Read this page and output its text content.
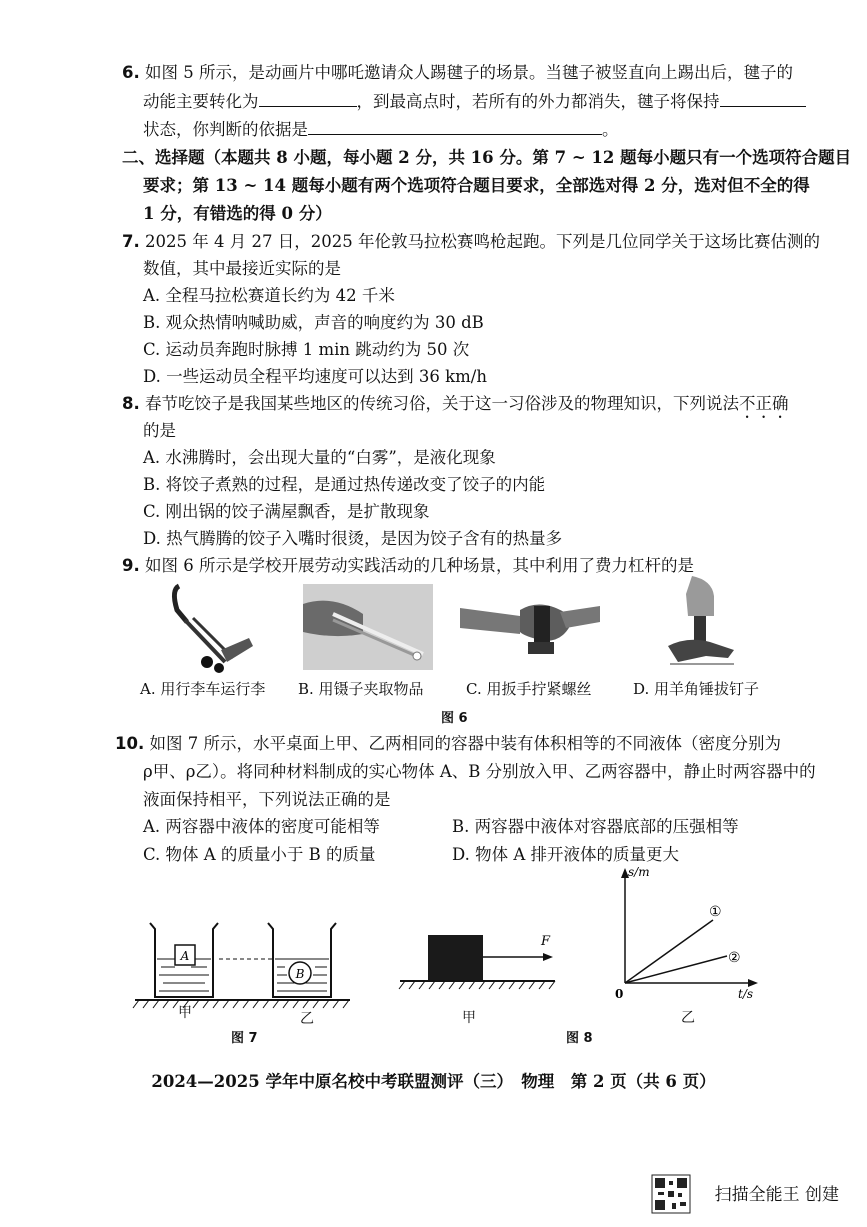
6. 如图 5 所示，是动画片中哪吒邀请众人踢毽子的场景。当毽子被竖直向上踢出后，毽子的
动能主要转化为	，到最高点时，若所有的外力都消失，毽子将保持
状态，你判断的依据是	。
二、选择题（本题共 8 小题，每小题 2 分，共 16 分。第 7 ~ 12 题每小题只有一个选项符合题目
要求；第 13 ~ 14 题每小题有两个选项符合题目要求，全部选对得 2 分，选对但不全的得
1 分，有错选的得 0 分）
7. 2025 年 4 月 27 日，2025 年伦敦马拉松赛鸣枪起跑。下列是几位同学关于这场比赛估测的
数值，其中最接近实际的是
A. 全程马拉松赛道长约为 42 千米
B. 观众热情呐喊助威，声音的响度约为 30 dB
C. 运动员奔跑时脉搏 1 min 跳动约为 50 次
D. 一些运动员全程平均速度可以达到 36 km/h
8. 春节吃饺子是我国某些地区的传统习俗，关于这一习俗涉及的物理知识，下列说法不正确
的是
A. 水沸腾时，会出现大量的“白雾”，是液化现象
B. 将饺子煮熟的过程，是通过热传递改变了饺子的内能
C. 刚出锅的饺子满屋飘香，是扩散现象
D. 热气腾腾的饺子入嘴时很烫，是因为饺子含有的热量多
9. 如图 6 所示是学校开展劳动实践活动的几种场景，其中利用了费力杠杆的是
A. 用行李车运行李 B. 用镊子夹取物品	C. 用扳手拧紧螺丝	D. 用羊角锤拔钉子
图 6
10. 如图 7 所示，水平桌面上甲、乙两相同的容器中装有体积相等的不同液体（密度分别为
ρ甲、ρ乙）。将同种材料制成的实心物体 A、B 分别放入甲、乙两容器中，静止时两容器中的
液面保持相平，下列说法正确的是
A. 两容器中液体的密度可能相等	B. 两容器中液体对容器底部的压强相等
C. 物体 A 的质量小于 B 的质量	D. 物体 A 排开液体的质量更大
A
B
甲	乙
图 7
F
甲
s/m
t/s
0
①
②
乙
图 8
2024—2025 学年中原名校中考联盟测评（三）　物理　第 2 页（共 6 页）
扫描全能王 创建
